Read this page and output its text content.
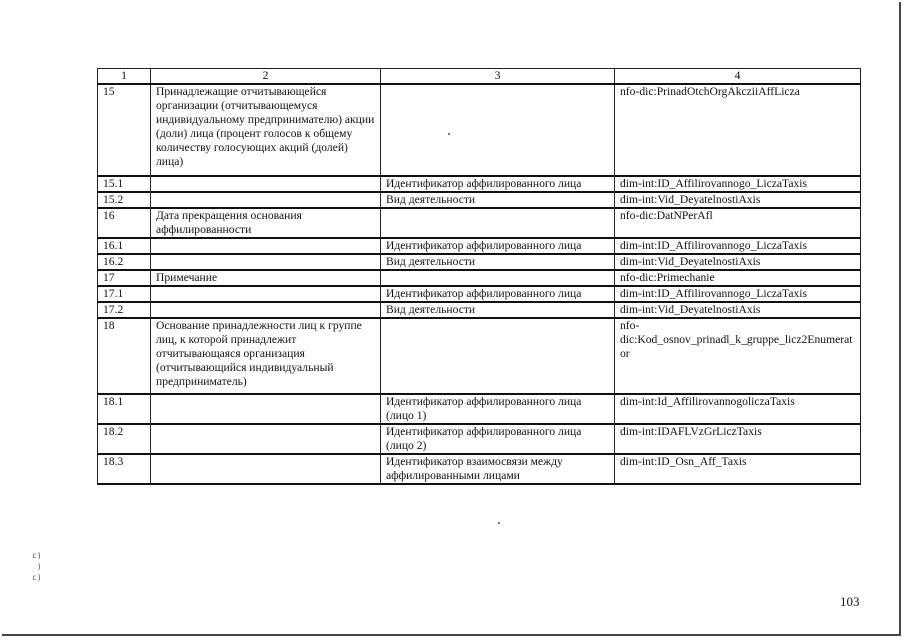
1	2	3	4
15	Принадлежащие отчитывающейся организации (отчитывающемуся индивидуальному предпринимателю) акции (доли) лица (процент голосов к общему количеству голосующих акций (долей) лица)		nfo-dic:PrinadOtchOrgAkcziiAffLicza
15.1		Идентификатор аффилированного лица	dim-int:ID_Affilirovannogo_LiczaTaxis
15.2		Вид деятельности	dim-int:Vid_DeyatelnostiAxis
16	Дата прекращения основания аффилированности		nfo-dic:DatNPerAfl
16.1		Идентификатор аффилированного лица	dim-int:ID_Affilirovannogo_LiczaTaxis
16.2		Вид деятельности	dim-int:Vid_DeyatelnostiAxis
17	Примечание		nfo-dic:Primechanie
17.1		Идентификатор аффилированного лица	dim-int:ID_Affilirovannogo_LiczaTaxis
17.2		Вид деятельности	dim-int:Vid_DeyatelnostiAxis
18	Основание принадлежности лиц к группе лиц, к которой принадлежит отчитывающаяся организация (отчитывающийся индивидуальный предприниматель)		nfo-dic:Kod_osnov_prinadl_k_gruppe_licz2Enumerator
18.1		Идентификатор аффилированного лица (лицо 1)	dim-int:Id_AffilirovannogoliczaTaxis
18.2		Идентификатор аффилированного лица (лицо 2)	dim-int:IDAFLVzGrLiczTaxis
18.3		Идентификатор взаимосвязи между аффилированными лицами	dim-int:ID_Osn_Aff_Taxis
c)
)
c)
103
